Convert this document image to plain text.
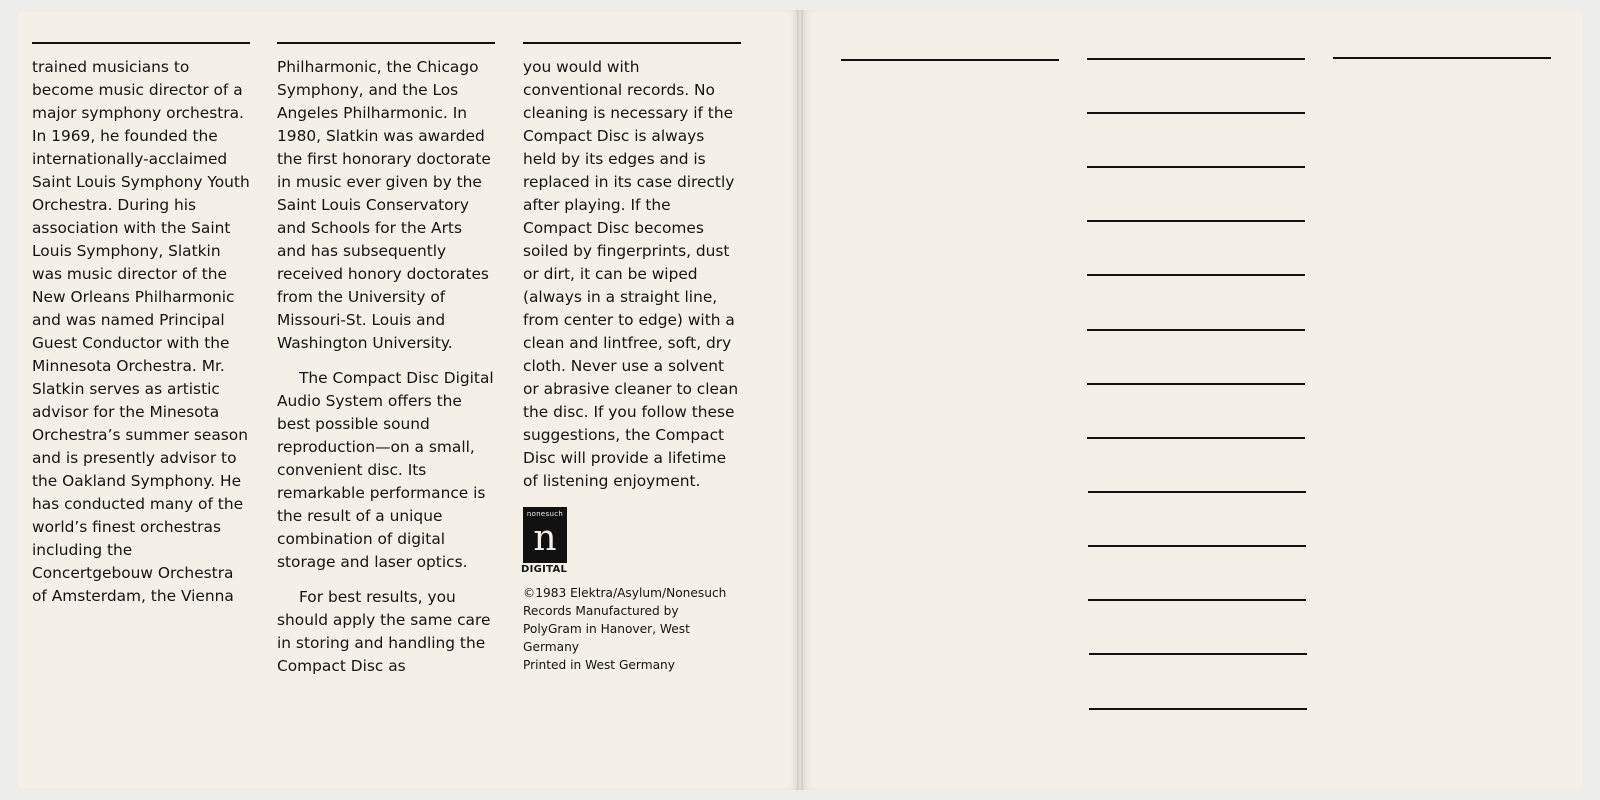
trained musicians to become music director of a major symphony orchestra. In 1969, he founded the internationally-acclaimed Saint Louis Symphony Youth Orchestra. During his association with the Saint Louis Symphony, Slatkin was music director of the New Orleans Philharmonic and was named Principal Guest Conductor with the Minnesota Orchestra. Mr. Slatkin serves as artistic advisor for the Minesota Orchestra’s summer season and is presently advisor to the Oakland Symphony. He has conducted many of the world’s finest orchestras including the Concertgebouw Orchestra of Amsterdam, the Vienna

Philharmonic, the Chicago Symphony, and the Los Angeles Philharmonic. In 1980, Slatkin was awarded the first honorary doctorate in music ever given by the Saint Louis Conservatory and Schools for the Arts and has subsequently received honory doctorates from the University of Missouri-St. Louis and Washington University.

The Compact Disc Digital Audio System offers the best possible sound reproduction—on a small, convenient disc. Its remarkable performance is the result of a unique combination of digital storage and laser optics.

For best results, you should apply the same care in storing and handling the Compact Disc as

you would with conventional records. No cleaning is necessary if the Compact Disc is always held by its edges and is replaced in its case directly after playing. If the Compact Disc becomes soiled by fingerprints, dust or dirt, it can be wiped (always in a straight line, from center to edge) with a clean and lintfree, soft, dry cloth. Never use a solvent or abrasive cleaner to clean the disc. If you follow these suggestions, the Compact Disc will provide a lifetime of listening enjoyment.

nonesuch
n
DIGITAL
©1983 Elektra/Asylum/Nonesuch Records Manufactured by PolyGram in Hanover, West Germany
Printed in West Germany
